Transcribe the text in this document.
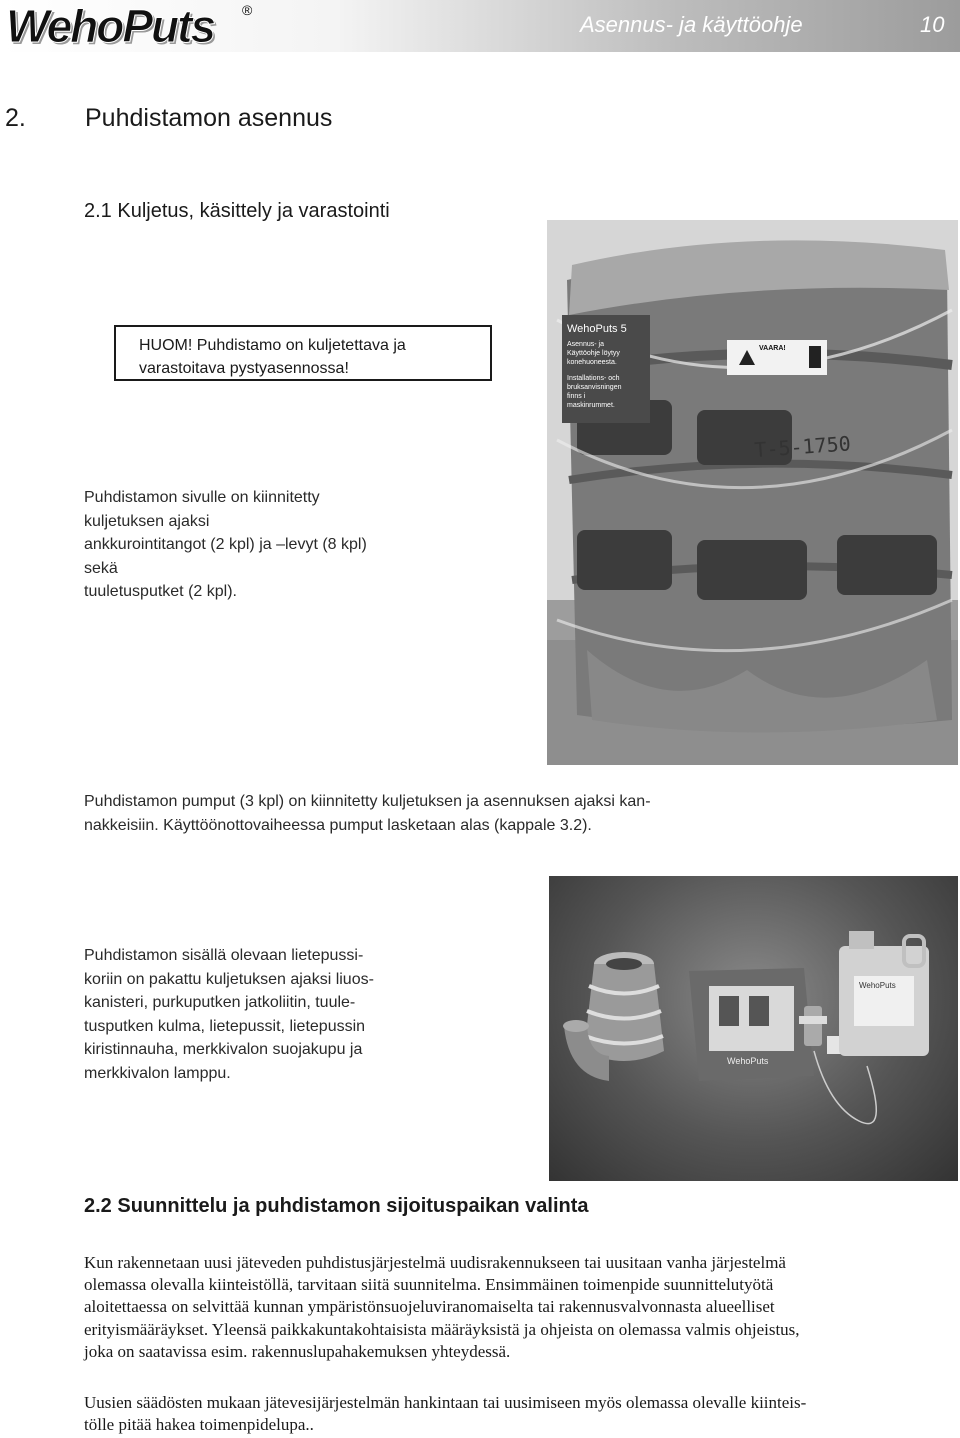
WehoPuts ®
Asennus- ja käyttöohje	10
2. Puhdistamon asennus
2.1 Kuljetus, käsittely ja varastointi
HUOM! Puhdistamo on kuljetettava ja
varastoitava pystyasennossa!
Puhdistamon sivulle on kiinnitetty kuljetuksen ajaksi
ankkurointitangot (2 kpl) ja –levyt (8 kpl) sekä
tuuletusputket (2 kpl).
WehoPuts 5
Asennus- ja
Käyttöohje löytyy
konehuoneesta.
Installations- och
bruksanvisningen
finns i
maskinrummet.
VAARA!
T-5-1750
Puhdistamon pumput (3 kpl) on kiinnitetty kuljetuksen ja asennuksen ajaksi kan-
nakkeisiin. Käyttöönottovaiheessa pumput lasketaan alas (kappale 3.2).
Puhdistamon sisällä olevaan lietepussi-
koriin on pakattu kuljetuksen ajaksi liuos-
kanisteri, purkuputken jatkoliitin, tuule-
tusputken kulma, lietepussit, lietepussin
kiristinnauha, merkkivalon suojakupu ja
merkkivalon lamppu.
WehoPuts
WehoPuts
2.2 Suunnittelu ja puhdistamon sijoituspaikan valinta
Kun rakennetaan uusi jäteveden puhdistusjärjestelmä uudisrakennukseen tai uusitaan vanha järjestelmä
olemassa olevalla kiinteistöllä, tarvitaan siitä suunnitelma. Ensimmäinen toimenpide suunnittelutyötä
aloitettaessa on selvittää kunnan ympäristönsuojeluviranomaiselta tai rakennusvalvonnasta alueelliset
erityismääräykset. Yleensä paikkakuntakohtaisista määräyksistä ja ohjeista on olemassa valmis ohjeistus,
joka on saatavissa esim. rakennuslupahakemuksen yhteydessä.
Uusien säädösten mukaan jätevesijärjestelmän hankintaan tai uusimiseen myös olemassa olevalle kiinteis-
tölle pitää hakea toimenpidelupa..
